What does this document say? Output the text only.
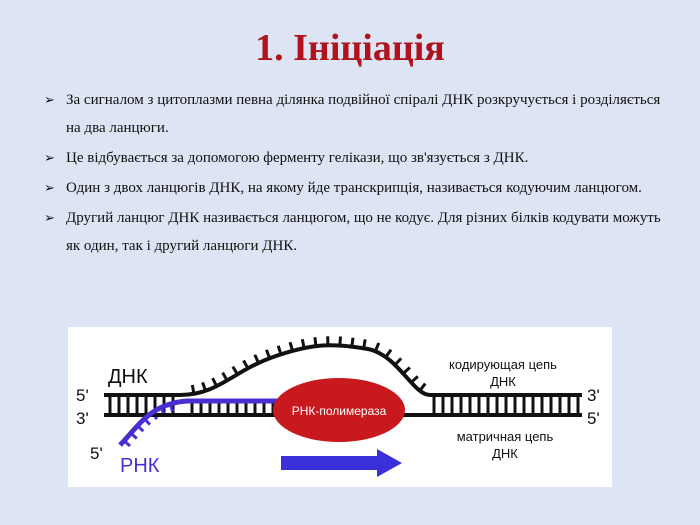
1. Ініціація
➢ За сигналом з цитоплазми певна ділянка подвійної спіралі ДНК розкручується і розділяється на два ланцюги.
➢ Це відбувається за допомогою ферменту гелікази, що зв'язується з ДНК.
➢ Один з двох ланцюгів ДНК, на якому йде транскрипція, називається кодуючим ланцюгом.
➢ Другий ланцюг ДНК називається ланцюгом, що не кодує. Для різних білків кодувати можуть як один, так і другий ланцюги ДНК.
РНК-полимераза
ДНК
5'
3'
5'
РНК
3'
5'
кодирующая цепь
ДНК
матричная цепь
ДНК
